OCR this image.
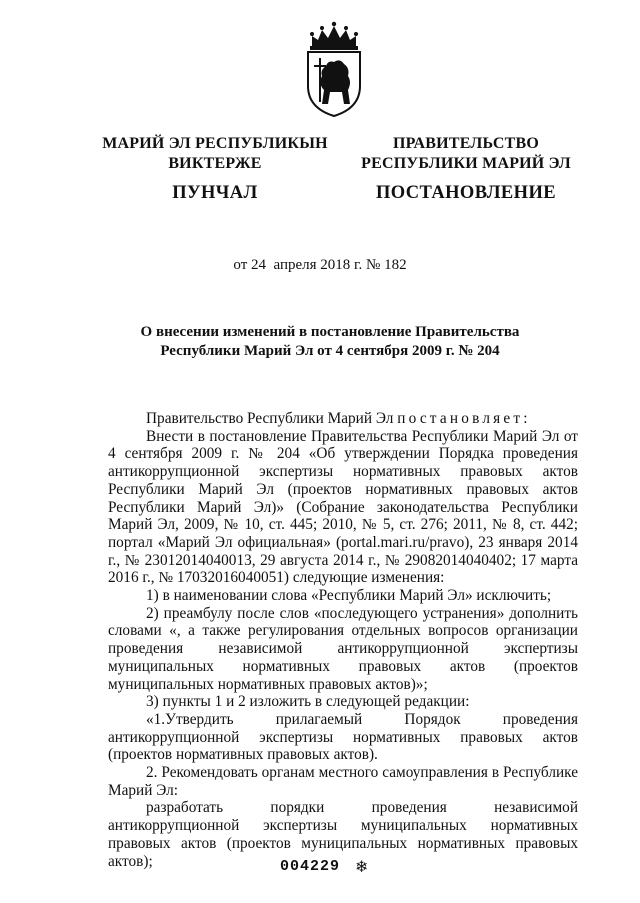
МАРИЙ ЭЛ РЕСПУБЛИКЫН
ВИКТЕРЖЕ
ПУНЧАЛ
ПРАВИТЕЛЬСТВО
РЕСПУБЛИКИ МАРИЙ ЭЛ
ПОСТАНОВЛЕНИЕ
от 24 апреля 2018 г. № 182
О внесении изменений в постановление Правительства
Республики Марий Эл от 4 сентября 2009 г. № 204

Правительство Республики Марий Эл постановляет:

Внести в постановление Правительства Республики Марий Эл от 4 сентября 2009 г. № 204 «Об утверждении Порядка проведения антикоррупционной экспертизы нормативных правовых актов Республики Марий Эл (проектов нормативных правовых актов Республики Марий Эл)» (Собрание законодательства Республики Марий Эл, 2009, № 10, ст. 445; 2010, № 5, ст. 276; 2011, № 8, ст. 442; портал «Марий Эл официальная» (portal.mari.ru/pravo), 23 января 2014 г., № 23012014040013, 29 августа 2014 г., № 29082014040402; 17 марта 2016 г., № 17032016040051) следующие изменения:

1) в наименовании слова «Республики Марий Эл» исключить;

2) преамбулу после слов «последующего устранения» дополнить словами «, а также регулирования отдельных вопросов организации проведения независимой антикоррупционной экспертизы муниципальных нормативных правовых актов (проектов муниципальных нормативных правовых актов)»;

3) пункты 1 и 2 изложить в следующей редакции:

«1.Утвердить прилагаемый Порядок проведения антикоррупционной экспертизы нормативных правовых актов (проектов нормативных правовых актов).

2. Рекомендовать органам местного самоуправления в Республике Марий Эл:

разработать порядки проведения независимой антикоррупционной экспертизы муниципальных нормативных правовых актов (проектов муниципальных нормативных правовых актов);	004229 ❄
